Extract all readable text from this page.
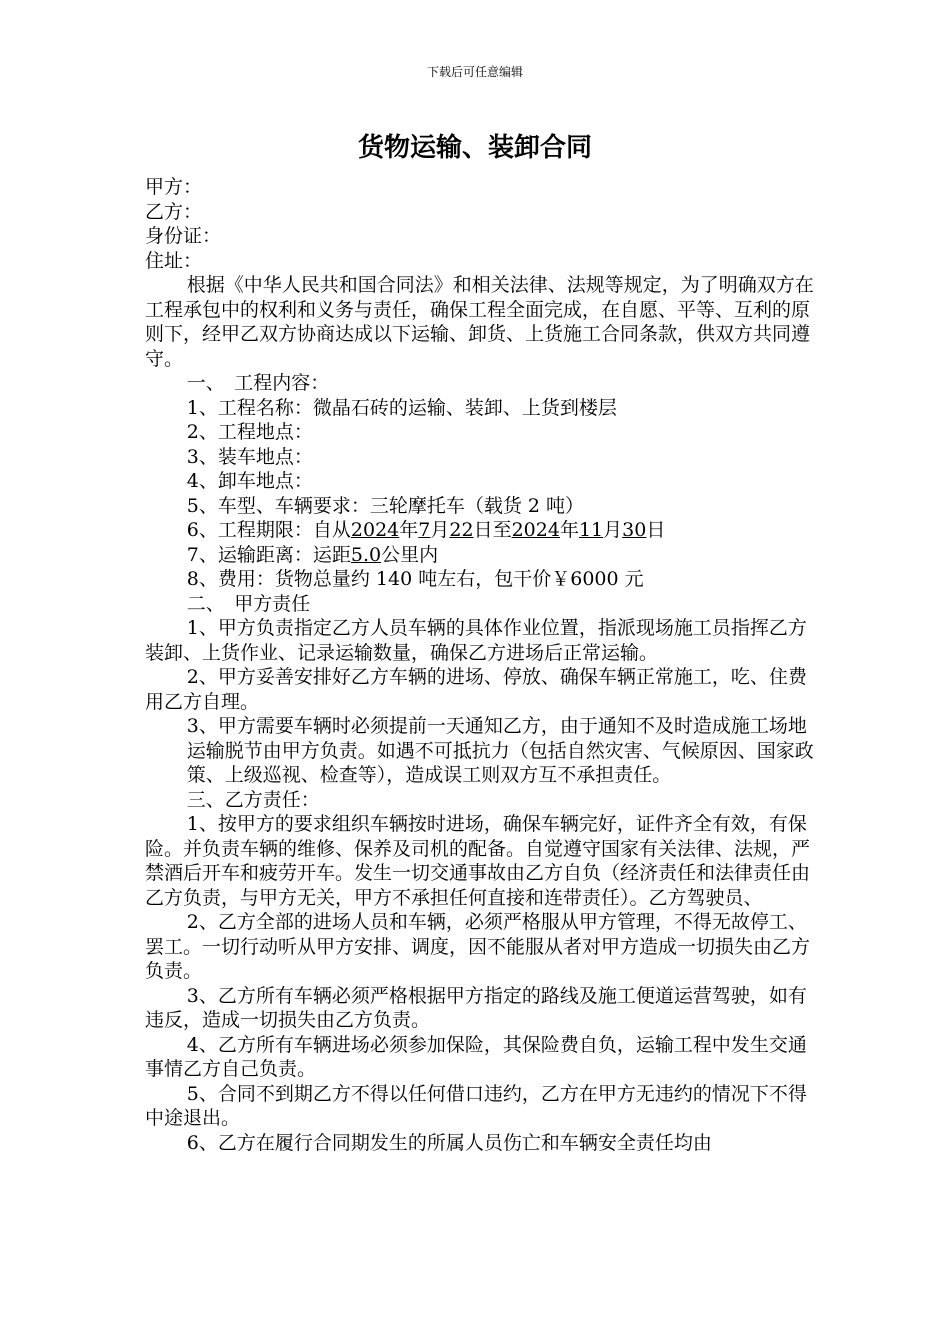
下载后可任意编辑
货物运输、装卸合同

甲方：

乙方：

身份证：

住址：

根据《中华人民共和国合同法》和相关法律、法规等规定，为了明确双方在工程承包中的权利和义务与责任，确保工程全面完成，在自愿、平等、互利的原则下，经甲乙双方协商达成以下运输、卸货、上货施工合同条款，供双方共同遵守。

一、　工程内容：

1、工程名称：微晶石砖的运输、装卸、上货到楼层

2、工程地点：

3、装车地点：

4、卸车地点：

5、车型、车辆要求：三轮摩托车（载货 2 吨）

6、工程期限：自从2024年7月22日至2024年11月30日

7、运输距离：运距5.0公里内

8、费用：货物总量约 140 吨左右，包干价￥6000 元

二、　甲方责任

1、甲方负责指定乙方人员车辆的具体作业位置，指派现场施工员指挥乙方装卸、上货作业、记录运输数量，确保乙方进场后正常运输。

2、甲方妥善安排好乙方车辆的进场、停放、确保车辆正常施工，吃、住费用乙方自理。

3、甲方需要车辆时必须提前一天通知乙方，由于通知不及时造成施工场地运输脱节由甲方负责。如遇不可抵抗力（包括自然灾害、气候原因、国家政策、上级巡视、检查等），造成误工则双方互不承担责任。

三、乙方责任：

1、按甲方的要求组织车辆按时进场，确保车辆完好，证件齐全有效，有保险。并负责车辆的维修、保养及司机的配备。自觉遵守国家有关法律、法规，严禁酒后开车和疲劳开车。发生一切交通事故由乙方自负（经济责任和法律责任由乙方负责，与甲方无关，甲方不承担任何直接和连带责任）。乙方驾驶员、

2、乙方全部的进场人员和车辆，必须严格服从甲方管理，不得无故停工、罢工。一切行动听从甲方安排、调度，因不能服从者对甲方造成一切损失由乙方负责。

3、乙方所有车辆必须严格根据甲方指定的路线及施工便道运营驾驶，如有违反，造成一切损失由乙方负责。

4、乙方所有车辆进场必须参加保险，其保险费自负，运输工程中发生交通事情乙方自己负责。

5、合同不到期乙方不得以任何借口违约，乙方在甲方无违约的情况下不得中途退出。

6、乙方在履行合同期发生的所属人员伤亡和车辆安全责任均由
